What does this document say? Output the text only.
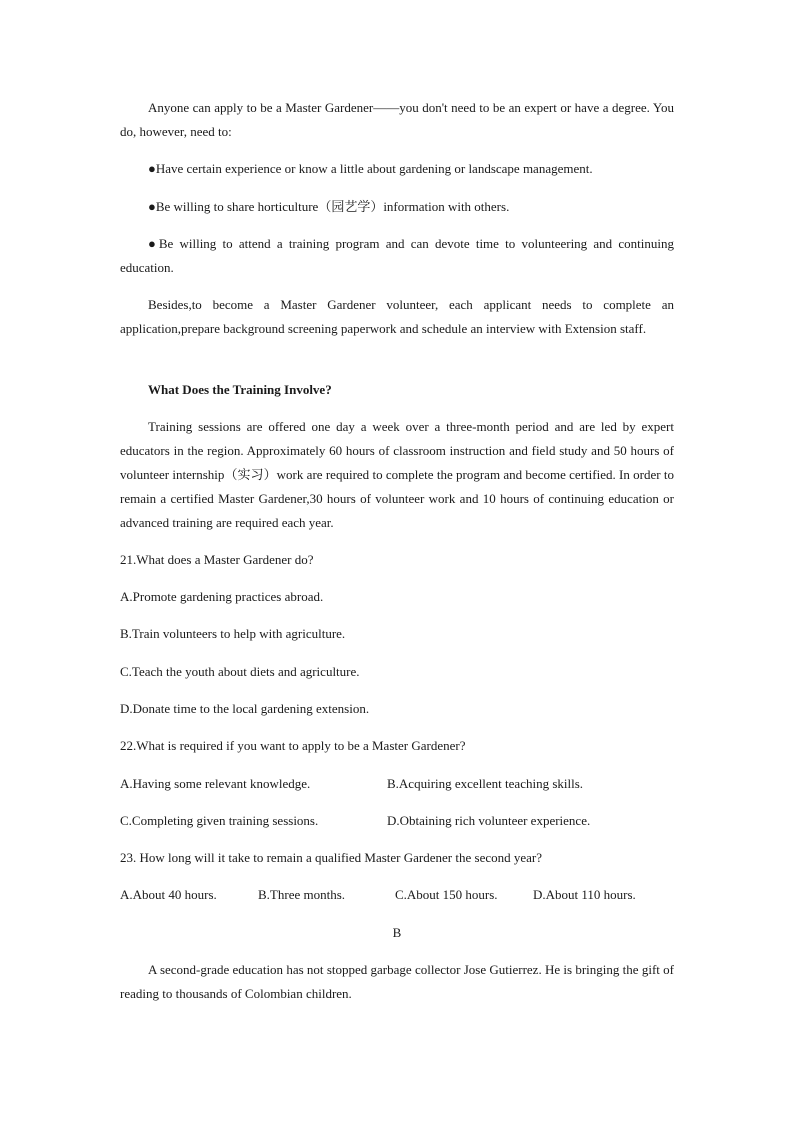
Anyone can apply to be a Master Gardener——you don't need to be an expert or have a degree. You do, however, need to:

●Have certain experience or know a little about gardening or landscape management.

●Be willing to share horticulture（园艺学）information with others.

●Be willing to attend a training program and can devote time to volunteering and continuing education.

Besides,to become a Master Gardener volunteer, each applicant needs to complete an application,prepare background screening paperwork and schedule an interview with Extension staff.

What Does the Training Involve?

Training sessions are offered one day a week over a three-month period and are led by expert educators in the region. Approximately 60 hours of classroom instruction and field study and 50 hours of volunteer internship（实习）work are required to complete the program and become certified. In order to remain a certified Master Gardener,30 hours of volunteer work and 10 hours of continuing education or advanced training are required each year.

21.What does a Master Gardener do?

A.Promote gardening practices abroad.

B.Train volunteers to help with agriculture.

C.Teach the youth about diets and agriculture.

D.Donate time to the local gardening extension.

22.What is required if you want to apply to be a Master Gardener?

A.Having some relevant knowledge.	B.Acquiring excellent teaching skills.

C.Completing given training sessions.	D.Obtaining rich volunteer experience.

23. How long will it take to remain a qualified Master Gardener the second year?

A.About 40 hours.	B.Three months.	C.About 150 hours.	D.About 110 hours.

B

A second-grade education has not stopped garbage collector Jose Gutierrez. He is bringing the gift of reading to thousands of Colombian children.
